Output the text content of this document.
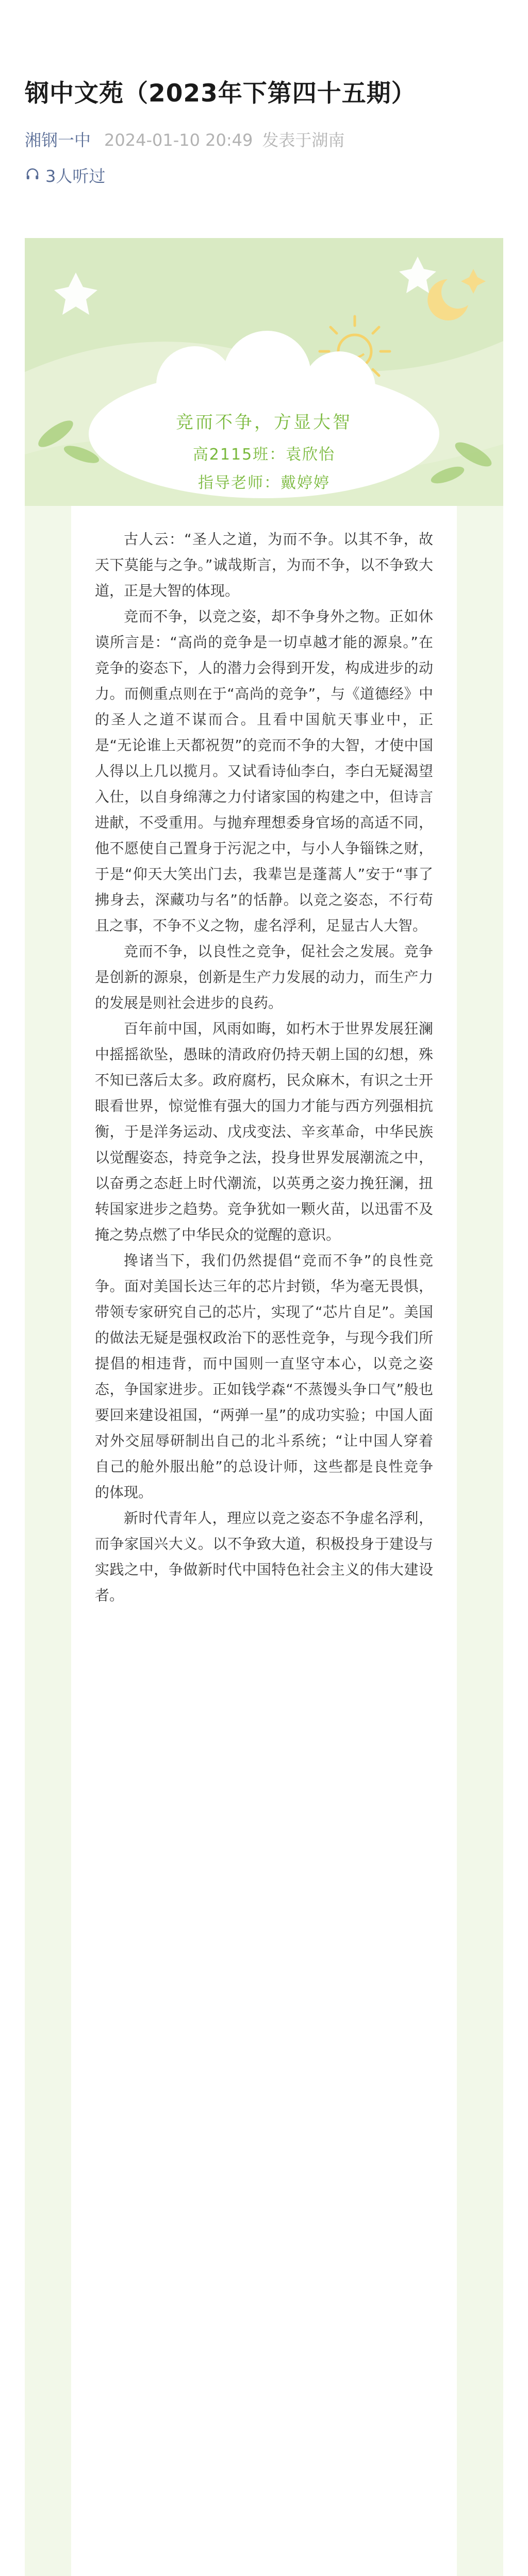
钢中文苑（2023年下第四十五期）
湘钢一中 2024-01-10 20:49 发表于湖南
3人听过
竞而不争，方显大智
高2115班：袁欣怡
指导老师：戴婷婷

古人云：“圣人之道，为而不争。以其不争，故天下莫能与之争。”诚哉斯言，为而不争，以不争致大道，正是大智的体现。

竞而不争，以竞之姿，却不争身外之物。正如休谟所言是：“高尚的竞争是一切卓越才能的源泉。”在竞争的姿态下，人的潜力会得到开发，构成进步的动力。而侧重点则在于“高尚的竞争”，与《道德经》中的圣人之道不谋而合。且看中国航天事业中，正是“无论谁上天都祝贺”的竞而不争的大智，才使中国人得以上几以揽月。又试看诗仙李白，李白无疑渴望入仕，以自身绵薄之力付诸家国的构建之中，但诗言进献，不受重用。与抛弃理想委身官场的高适不同，他不愿使自己置身于污泥之中，与小人争锱铢之财，于是“仰天大笑出门去，我辈岂是蓬蒿人”安于“事了拂身去，深藏功与名”的恬静。以竞之姿态，不行苟且之事，不争不义之物，虚名浮利，足显古人大智。

竞而不争，以良性之竞争，促社会之发展。竞争是创新的源泉，创新是生产力发展的动力，而生产力的发展是则社会进步的良药。

百年前中国，风雨如晦，如朽木于世界发展狂澜中摇摇欲坠，愚昧的清政府仍持天朝上国的幻想，殊不知已落后太多。政府腐朽，民众麻木，有识之士开眼看世界，惊觉惟有强大的国力才能与西方列强相抗衡，于是洋务运动、戊戌变法、辛亥革命，中华民族以觉醒姿态，持竞争之法，投身世界发展潮流之中，以奋勇之态赶上时代潮流，以英勇之姿力挽狂澜，扭转国家进步之趋势。竞争犹如一颗火苗，以迅雷不及掩之势点燃了中华民众的觉醒的意识。

搀诸当下，我们仍然提倡“竞而不争”的良性竞争。面对美国长达三年的芯片封锁，华为毫无畏惧，带领专家研究自己的芯片，实现了“芯片自足”。美国的做法无疑是强权政治下的恶性竞争，与现今我们所提倡的相违背，而中国则一直坚守本心，以竞之姿态，争国家进步。正如钱学森“不蒸馒头争口气”般也要回来建设祖国，“两弹一星”的成功实验；中国人面对外交屈辱研制出自己的北斗系统；“让中国人穿着自己的舱外服出舱”的总设计师，这些都是良性竞争的体现。

新时代青年人，理应以竞之姿态不争虚名浮利，而争家国兴大义。以不争致大道，积极投身于建设与实践之中，争做新时代中国特色社会主义的伟大建设者。
